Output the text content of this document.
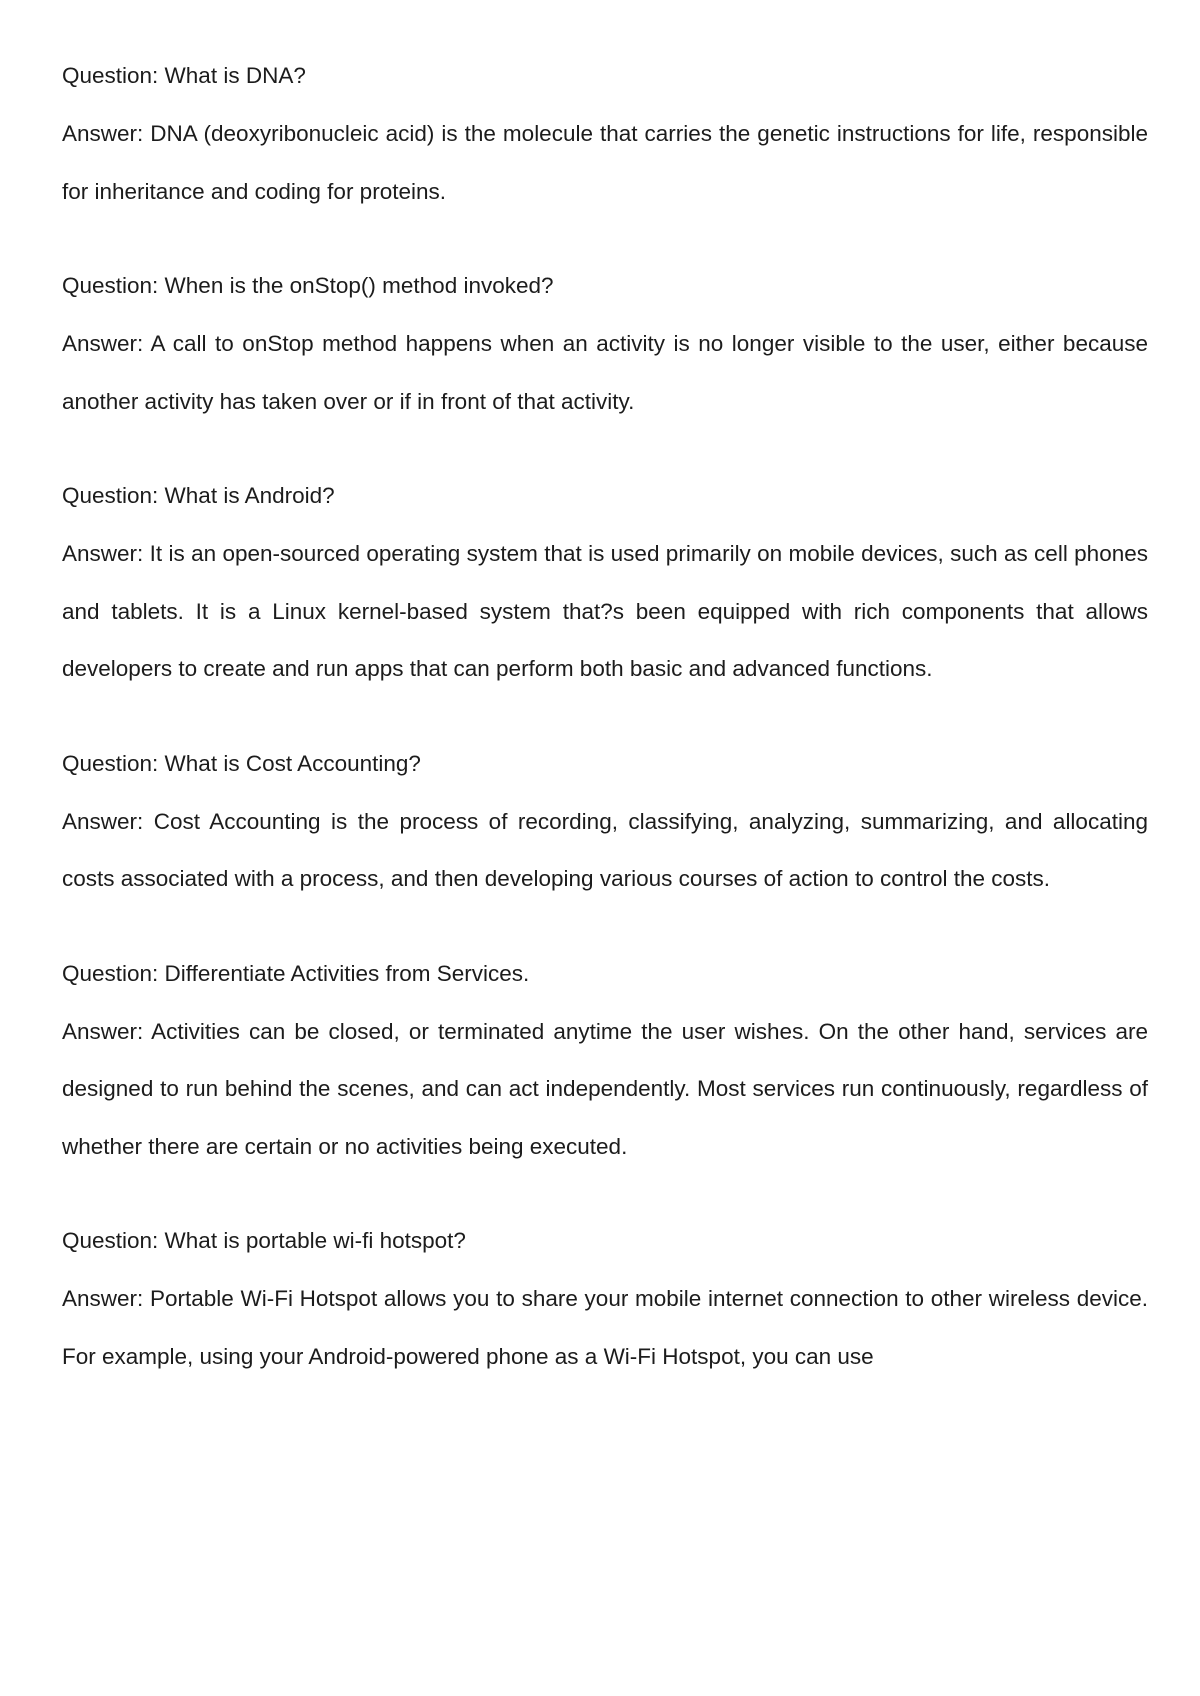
Question: What is DNA?

Answer: DNA (deoxyribonucleic acid) is the molecule that carries the genetic instructions for life, responsible for inheritance and coding for proteins.

Question: When is the onStop() method invoked?

Answer: A call to onStop method happens when an activity is no longer visible to the user, either because another activity has taken over or if in front of that activity.

Question: What is Android?

Answer: It is an open-sourced operating system that is used primarily on mobile devices, such as cell phones and tablets. It is a Linux kernel-based system that?s been equipped with rich components that allows developers to create and run apps that can perform both basic and advanced functions.

Question: What is Cost Accounting?

Answer: Cost Accounting is the process of recording, classifying, analyzing, summarizing, and allocating costs associated with a process, and then developing various courses of action to control the costs.

Question: Differentiate Activities from Services.

Answer: Activities can be closed, or terminated anytime the user wishes. On the other hand, services are designed to run behind the scenes, and can act independently. Most services run continuously, regardless of whether there are certain or no activities being executed.

Question: What is portable wi-fi hotspot?

Answer: Portable Wi-Fi Hotspot allows you to share your mobile internet connection to other wireless device. For example, using your Android-powered phone as a Wi-Fi Hotspot, you can use
